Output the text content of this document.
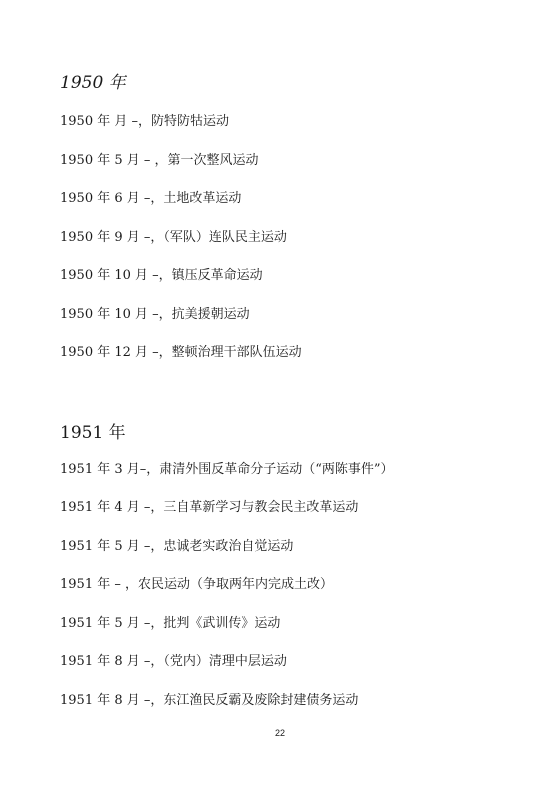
1950 年
1950 年 月 –，防特防牯运动
1950 年 5 月 – ，第一次整风运动
1950 年 6 月 –，土地改革运动
1950 年 9 月 –，（军队）连队民主运动
1950 年 10 月 –，镇压反革命运动
1950 年 10 月 –，抗美援朝运动
1950 年 12 月 –，整顿治理干部队伍运动
1951 年
1951 年 3 月–，肃清外围反革命分子运动（“两陈事件”）
1951 年 4 月 –，三自革新学习与教会民主改革运动
1951 年 5 月 –，忠诚老实政治自觉运动
1951 年 – ，农民运动（争取两年内完成土改）
1951 年 5 月 –，批判《武训传》运动
1951 年 8 月 –，（党内）清理中层运动
1951 年 8 月 –，东江渔民反霸及废除封建债务运动
22
